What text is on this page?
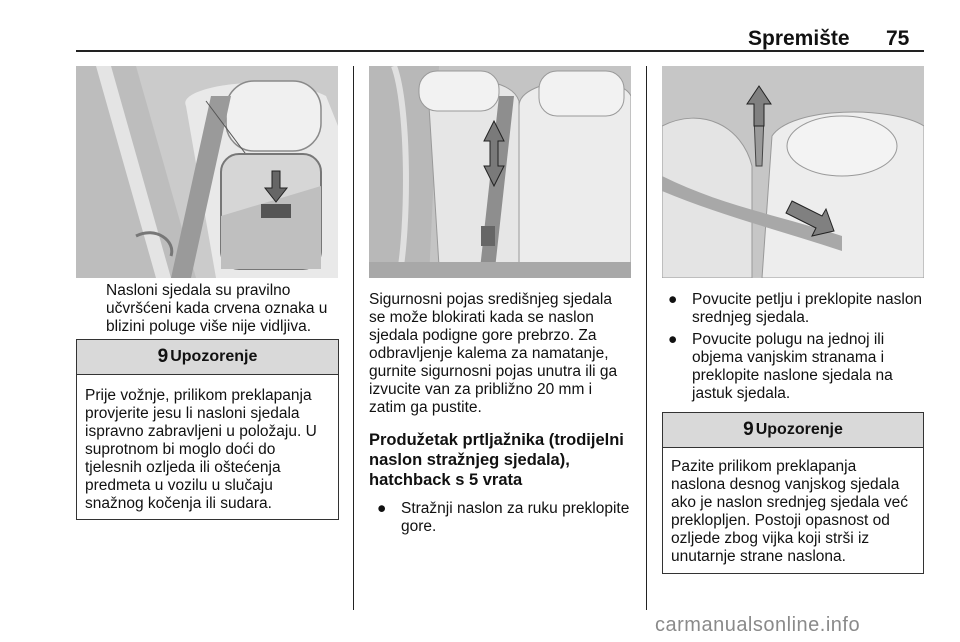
Spremište 75
Nasloni sjedala su pravilno
učvršćeni kada crvena oznaka u
blizini poluge više nije vidljiva.
9 Upozorenje
Prije vožnje, prilikom preklapanja
provjerite jesu li nasloni sjedala
ispravno zabravljeni u položaju. U
suprotnom bi moglo doći do
tjelesnih ozljeda ili oštećenja
predmeta u vozilu u slučaju
snažnog kočenja ili sudara.
Sigurnosni pojas središnjeg sjedala
se može blokirati kada se naslon
sjedala podigne gore prebrzo. Za
odbravljenje kalema za namatanje,
gurnite sigurnosni pojas unutra ili ga
izvucite van za približno 20 mm i
zatim ga pustite.
Produžetak prtljažnika (trodijelni
naslon stražnjeg sjedala),
hatchback s 5 vrata
● Stražnji naslon za ruku preklopite
gore.
● Povucite petlju i preklopite naslon
srednjeg sjedala.
● Povucite polugu na jednoj ili
objema vanjskim stranama i
preklopite naslone sjedala na
jastuk sjedala.
9 Upozorenje
Pazite prilikom preklapanja
naslona desnog vanjskog sjedala
ako je naslon srednjeg sjedala već
preklopljen. Postoji opasnost od
ozljede zbog vijka koji strši iz
unutarnje strane naslona.
carmanualsonline.info
